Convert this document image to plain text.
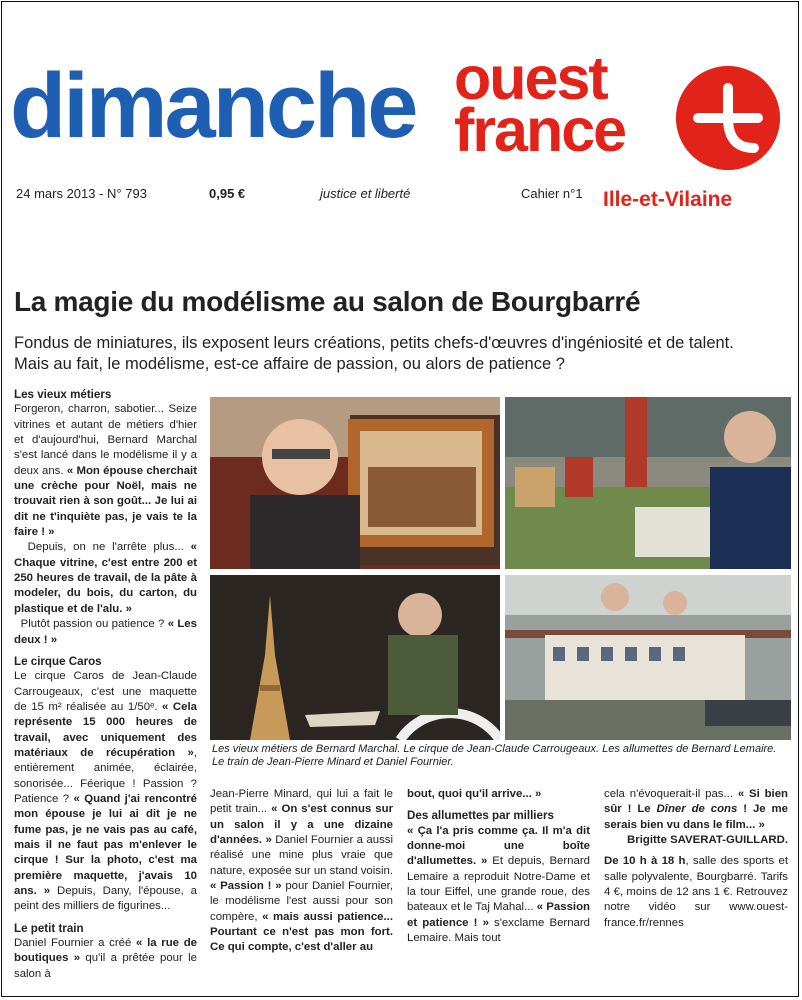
dimanche ouest
france
24 mars 2013 - N° 793	0,95 €	justice et liberté	Cahier n°1 Ille-et-Vilaine
La magie du modélisme au salon de Bourgbarré
Fondus de miniatures, ils exposent leurs créations, petits chefs-d'œuvres d'ingéniosité et de talent.
Mais au fait, le modélisme, est-ce affaire de passion, ou alors de patience ?
Les vieux métiers

Forgeron, charron, sabotier... Seize vitrines et autant de métiers d'hier et d'aujourd'hui, Bernard Marchal s'est lancé dans le modélisme il y a deux ans. « Mon épouse cherchait une crèche pour Noël, mais ne trouvait rien à son goût... Je lui ai dit ne t'inquiète pas, je vais te la faire ! »

Depuis, on ne l'arrête plus... « Chaque vitrine, c'est entre 200 et 250 heures de travail, de la pâte à modeler, du bois, du carton, du plastique et de l'alu. »

Plutôt passion ou patience ? « Les deux ! »

Le cirque Caros

Le cirque Caros de Jean-Claude Carrougeaux, c'est une maquette de 15 m² réalisée au 1/50ᵉ. « Cela représente 15 000 heures de travail, avec uniquement des matériaux de récupération », entièrement animée, éclairée, sonorisée... Féerique ! Passion ? Patience ? « Quand j'ai rencontré mon épouse je lui ai dit je ne fume pas, je ne vais pas au café, mais il ne faut pas m'enlever le cirque ! Sur la photo, c'est ma première maquette, j'avais 10 ans. » Depuis, Dany, l'épouse, a peint des milliers de figurines...

Le petit train

Daniel Fournier a créé « la rue de boutiques » qu'il a prêtée pour le salon à

Les vieux métiers de Bernard Marchal. Le cirque de Jean-Claude Carrougeaux. Les allumettes de Bernard Lemaire. Le train de Jean-Pierre Minard et Daniel Fournier.

Jean-Pierre Minard, qui lui a fait le petit train... « On s'est connus sur un salon il y a une dizaine d'années. » Daniel Fournier a aussi réalisé une mine plus vraie que nature, exposée sur un stand voisin. « Passion ! » pour Daniel Fournier, le modélisme l'est aussi pour son compère, « mais aussi patience... Pourtant ce n'est pas mon fort. Ce qui compte, c'est d'aller au

bout, quoi qu'il arrive... »

Des allumettes par milliers

« Ça l'a pris comme ça. Il m'a dit donne-moi une boîte d'allumettes. » Et depuis, Bernard Lemaire a reproduit Notre-Dame et la tour Eiffel, une grande roue, des bateaux et le Taj Mahal... « Passion et patience ! » s'exclame Bernard Lemaire. Mais tout

cela n'évoquerait-il pas... « Si bien sûr ! Le Dîner de cons ! Je me serais bien vu dans le film... »

Brigitte SAVERAT-GUILLARD.

De 10 h à 18 h, salle des sports et salle polyvalente, Bourgbarré. Tarifs 4 €, moins de 12 ans 1 €. Retrouvez notre vidéo sur www.ouest-france.fr/rennes
